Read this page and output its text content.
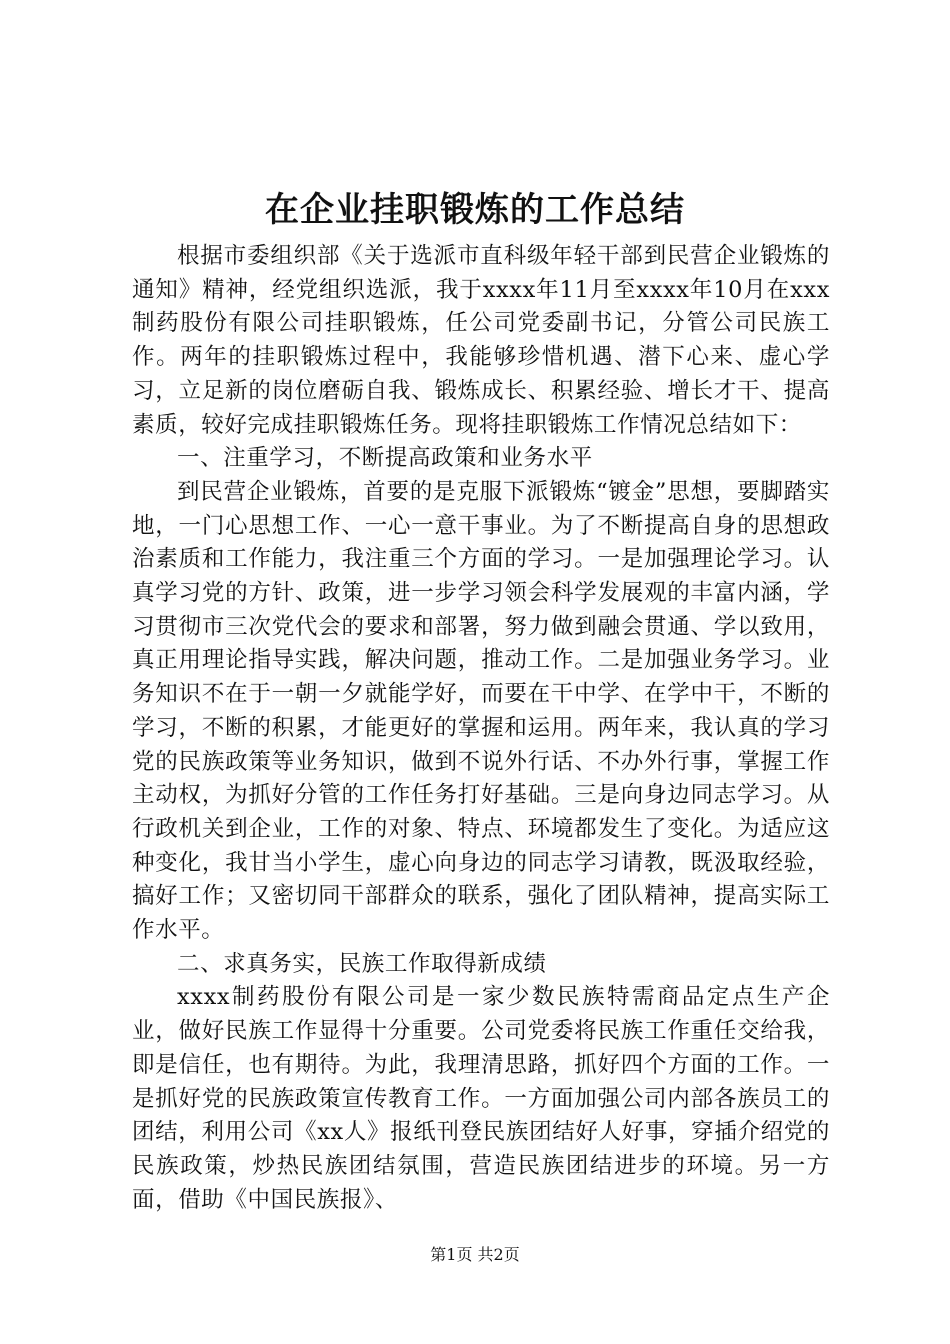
在企业挂职锻炼的工作总结

根据市委组织部《关于选派市直科级年轻干部到民营企业锻炼的通知》精神，经党组织选派，我于xxxx年11月至xxxx年10月在xxx制药股份有限公司挂职锻炼，任公司党委副书记，分管公司民族工作。两年的挂职锻炼过程中，我能够珍惜机遇、潜下心来、虚心学习，立足新的岗位磨砺自我、锻炼成长、积累经验、增长才干、提高素质，较好完成挂职锻炼任务。现将挂职锻炼工作情况总结如下：

一、注重学习，不断提高政策和业务水平

到民营企业锻炼，首要的是克服下派锻炼“镀金”思想，要脚踏实地，一门心思想工作、一心一意干事业。为了不断提高自身的思想政治素质和工作能力，我注重三个方面的学习。一是加强理论学习。认真学习党的方针、政策，进一步学习领会科学发展观的丰富内涵，学习贯彻市三次党代会的要求和部署，努力做到融会贯通、学以致用，真正用理论指导实践，解决问题，推动工作。二是加强业务学习。业务知识不在于一朝一夕就能学好，而要在干中学、在学中干，不断的学习，不断的积累，才能更好的掌握和运用。两年来，我认真的学习党的民族政策等业务知识，做到不说外行话、不办外行事，掌握工作主动权，为抓好分管的工作任务打好基础。三是向身边同志学习。从行政机关到企业，工作的对象、特点、环境都发生了变化。为适应这种变化，我甘当小学生，虚心向身边的同志学习请教，既汲取经验，搞好工作；又密切同干部群众的联系，强化了团队精神，提高实际工作水平。

二、求真务实，民族工作取得新成绩

xxxx制药股份有限公司是一家少数民族特需商品定点生产企业，做好民族工作显得十分重要。公司党委将民族工作重任交给我，即是信任，也有期待。为此，我理清思路，抓好四个方面的工作。一是抓好党的民族政策宣传教育工作。一方面加强公司内部各族员工的团结，利用公司《xx人》报纸刊登民族团结好人好事，穿插介绍党的民族政策，炒热民族团结氛围，营造民族团结进步的环境。另一方面，借助《中国民族报》、

第1页 共2页
